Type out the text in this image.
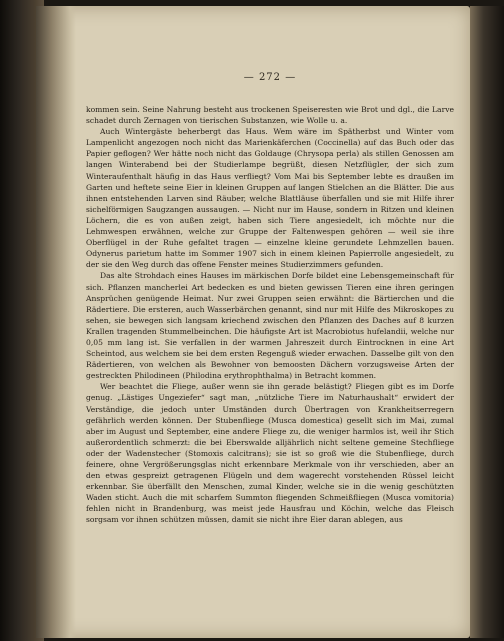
— 272 —

kommen sein. Seine Nahrung besteht aus trockenen Speiseresten wie Brot und dgl., die Larve schadet durch Zernagen von tierischen Substanzen, wie Wolle u. a.

Auch Wintergäste beherbergt das Haus. Wem wäre im Spätherbst und Winter vom Lampenlicht angezogen noch nicht das Marienkäferchen (Coccinella) auf das Buch oder das Papier geflogen? Wer hätte noch nicht das Goldauge (Chrysopa perla) als stillen Genossen am langen Winterabend bei der Studierlampe begrüßt, diesen Netzflügler, der sich zum Winteraufenthalt häufig in das Haus verfliegt? Vom Mai bis September lebte es draußen im Garten und heftete seine Eier in kleinen Gruppen auf langen Stielchen an die Blätter. Die aus ihnen entstehenden Larven sind Räuber, welche Blattläuse überfallen und sie mit Hilfe ihrer sichelförmigen Saugzangen aussaugen. — Nicht nur im Hause, sondern in Ritzen und kleinen Löchern, die es von außen zeigt, haben sich Tiere angesiedelt, ich möchte nur die Lehmwespen erwähnen, welche zur Gruppe der Faltenwespen gehören — weil sie ihre Oberflügel in der Ruhe gefaltet tragen — einzelne kleine gerundete Lehmzellen bauen. Odynerus parietum hatte im Sommer 1907 sich in einem kleinen Papierrolle angesiedelt, zu der sie den Weg durch das offene Fenster meines Studierzimmers gefunden.

Das alte Strohdach eines Hauses im märkischen Dorfe bildet eine Lebensgemeinschaft für sich. Pflanzen mancherlei Art bedecken es und bieten gewissen Tieren eine ihren geringen Ansprüchen genügende Heimat. Nur zwei Gruppen seien erwähnt: die Bärtierchen und die Rädertiere. Die ersteren, auch Wasserbärchen genannt, sind nur mit Hilfe des Mikroskopes zu sehen, sie bewegen sich langsam kriechend zwischen den Pflanzen des Daches auf 8 kurzen Krallen tragenden Stummelbeinchen. Die häufigste Art ist Macrobiotus hufelandii, welche nur 0,05 mm lang ist. Sie verfallen in der warmen Jahreszeit durch Eintrocknen in eine Art Scheintod, aus welchem sie bei dem ersten Regenguß wieder erwachen. Dasselbe gilt von den Rädertieren, von welchen als Bewohner von bemoosten Dächern vorzugsweise Arten der gestreckten Philodineen (Philodina erythrophthalma) in Betracht kommen.

Wer beachtet die Fliege, außer wenn sie ihn gerade belästigt? Fliegen gibt es im Dorfe genug. „Lästiges Ungeziefer“ sagt man, „nützliche Tiere im Naturhaushalt“ erwidert der Verständige, die jedoch unter Umständen durch Übertragen von Krankheitserregern gefährlich werden können. Der Stubenfliege (Musca domestica) gesellt sich im Mai, zumal aber im August und September, eine andere Fliege zu, die weniger harmlos ist, weil ihr Stich außerordentlich schmerzt: die bei Eberswalde alljährlich nicht seltene gemeine Stechfliege oder der Wadenstecher (Stomoxis calcitrans); sie ist so groß wie die Stubenfliege, durch feinere, ohne Vergrößerungsglas nicht erkennbare Merkmale von ihr verschieden, aber an den etwas gespreizt getragenen Flügeln und dem wagerecht vorstehenden Rüssel leicht erkennbar. Sie überfällt den Menschen, zumal Kinder, welche sie in die wenig geschützten Waden sticht. Auch die mit scharfem Summton fliegenden Schmeißfliegen (Musca vomitoria) fehlen nicht in Brandenburg, was meist jede Hausfrau und Köchin, welche das Fleisch sorgsam vor ihnen schützen müssen, damit sie nicht ihre Eier daran ablegen, aus
